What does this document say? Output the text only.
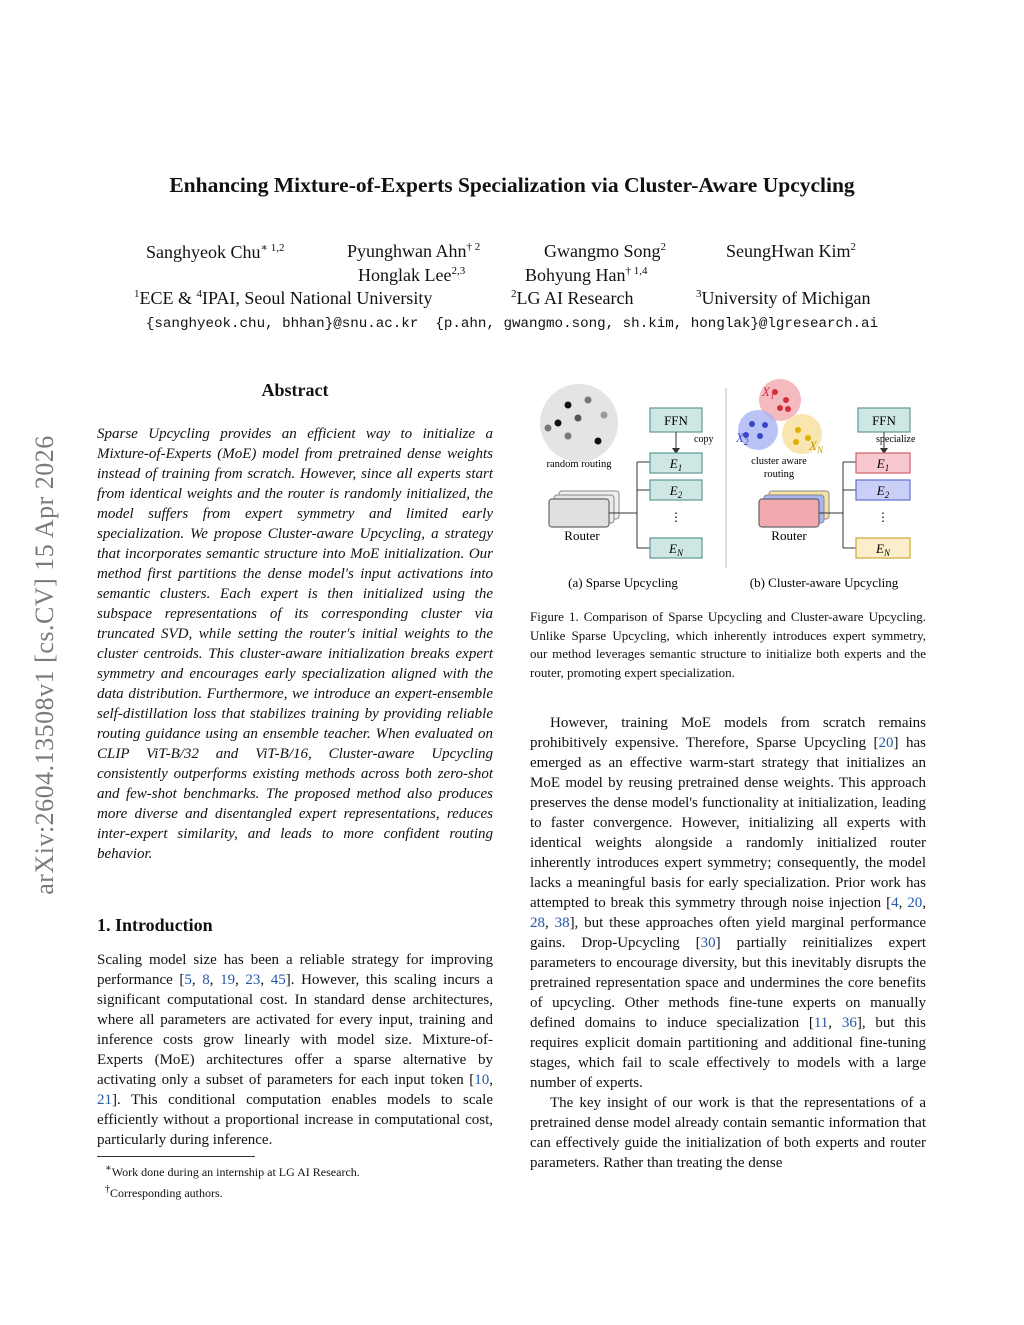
arXiv:2604.13508v1 [cs.CV] 15 Apr 2026
Enhancing Mixture-of-Experts Specialization via Cluster-Aware Upcycling
Sanghyeok Chu$^{∗ 1,2}$	Pyunghwan Ahn$^{\dagger 2}$	Gwangmo Song$^2$	SeungHwan Kim$^2$
Honglak Lee$^{2,3}$	Bohyung Han$^{\dagger 1,4}$
$^1$ECE & $^4$IPAI, Seoul National University	$^2$LG AI Research	$^3$University of Michigan
{sanghyeok.chu, bhhan}@snu.ac.kr  {p.ahn, gwangmo.song, sh.kim, honglak}@lgresearch.ai
Abstract
Sparse Upcycling provides an efficient way to initialize a Mixture-of-Experts (MoE) model from pretrained dense weights instead of training from scratch. However, since all experts start from identical weights and the router is randomly initialized, the model suffers from expert symmetry and limited early specialization. We propose Cluster-aware Upcycling, a strategy that incorporates semantic structure into MoE initialization. Our method first partitions the dense model's input activations into semantic clusters. Each expert is then initialized using the subspace representations of its corresponding cluster via truncated SVD, while setting the router's initial weights to the cluster centroids. This cluster-aware initialization breaks expert symmetry and encourages early specialization aligned with the data distribution. Furthermore, we introduce an expert-ensemble self-distillation loss that stabilizes training by providing reliable routing guidance using an ensemble teacher. When evaluated on CLIP ViT-B/32 and ViT-B/16, Cluster-aware Upcycling consistently outperforms existing methods across both zero-shot and few-shot benchmarks. The proposed method also produces more diverse and disentangled expert representations, reduces inter-expert similarity, and leads to more confident routing behavior.
1. Introduction
Scaling model size has been a reliable strategy for improving performance [5, 8, 19, 23, 45]. However, this scaling incurs a significant computational cost. In standard dense architectures, where all parameters are activated for every input, training and inference costs grow linearly with model size. Mixture-of-Experts (MoE) architectures offer a sparse alternative by activating only a subset of parameters for each input token [10, 21]. This conditional computation enables models to scale efficiently without a proportional increase in computational cost, particularly during inference.
∗Work done during an internship at LG AI Research.
†Corresponding authors.
random routing
Router
FFN
copy
$E_1$
$E_2$
⋮
$E_N$
(a) Sparse Upcycling
$X_1$
$X_2$	$X_N$
cluster aware
routing
Router
FFN
specialize
$E_1$
$E_2$
⋮
$E_N$
(b) Cluster-aware Upcycling
Figure 1. Comparison of Sparse Upcycling and Cluster-aware Upcycling. Unlike Sparse Upcycling, which inherently introduces expert symmetry, our method leverages semantic structure to initialize both experts and the router, promoting expert specialization.

However, training MoE models from scratch remains prohibitively expensive. Therefore, Sparse Upcycling [20] has emerged as an effective warm-start strategy that initializes an MoE model by reusing pretrained dense weights. This approach preserves the dense model's functionality at initialization, leading to faster convergence. However, initializing all experts with identical weights alongside a randomly initialized router inherently introduces expert symmetry; consequently, the model lacks a meaningful basis for early specialization. Prior work has attempted to break this symmetry through noise injection [4, 20, 28, 38], but these approaches often yield marginal performance gains. Drop-Upcycling [30] partially reinitializes expert parameters to encourage diversity, but this inevitably disrupts the pretrained representation space and undermines the core benefits of upcycling. Other methods fine-tune experts on manually defined domains to induce specialization [11, 36], but this requires explicit domain partitioning and additional fine-tuning stages, which fail to scale effectively to models with a large number of experts.

The key insight of our work is that the representations of a pretrained dense model already contain semantic information that can effectively guide the initialization of both experts and router parameters. Rather than treating the dense
